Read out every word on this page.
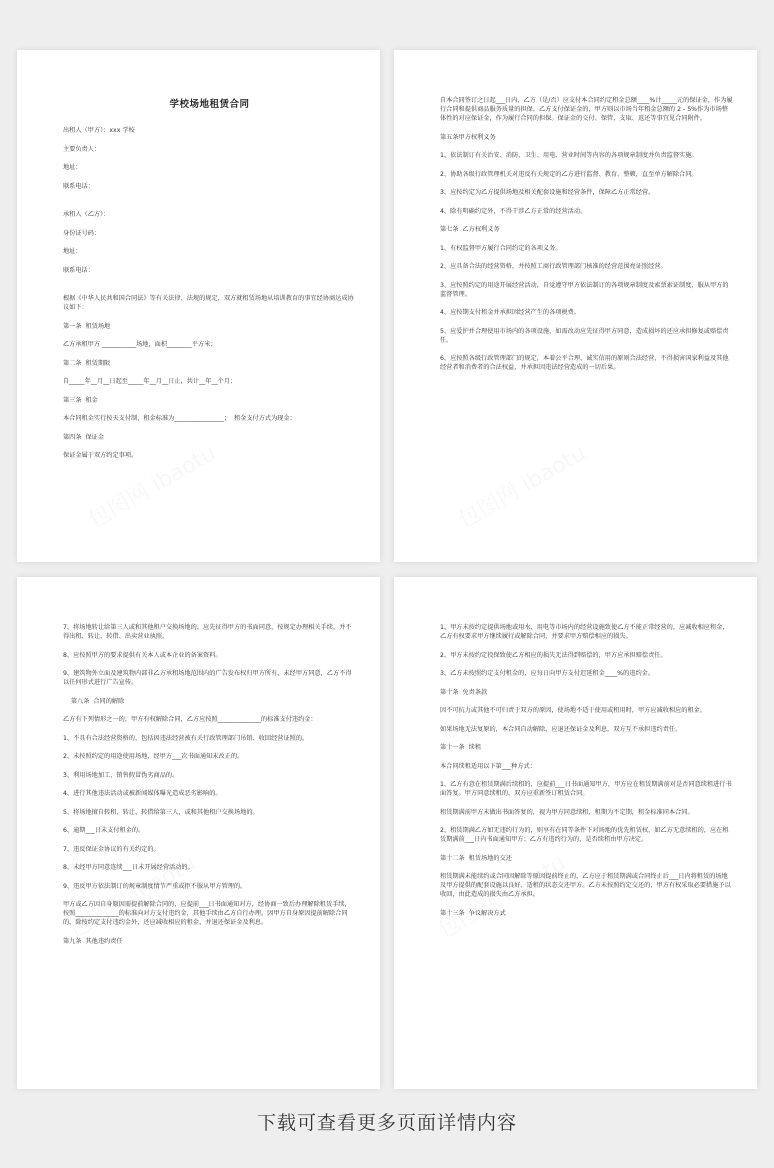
学校场地租赁合同
出租人（甲方）：xxx 学校
主要负责人：
地址：
联系电话：
承租人（乙方）：
身份证号码：
地址：
联系电话：
根据《中华人民共和国合同法》等有关法律、法规的规定，双方就租赁场地从培训教育的事宜经协商达成协议如下：
第一条  租赁场地
乙方承租甲方 ___________场地，面积________平方米；
第二条  租赁期限
自_____年__月__日起至_____年__月__日止，共计__年__个月；
第三条  租金
本合同租金实行按天支付制，租金标准为________________；  租金支付方式为现金；
第四条  保证金
保证金属于双方约定事项。
自本合同签订之日起___日内，乙方（是/否）应支付本合同约定租金总额____%计_____元的保证金，作为履行合同和提供商品服务质量的担保。乙方支付保证金的，甲方则以市场当年租金总额的 2 - 5%作为市场整体性的对应保证金，作为履行合同的担保。保证金的交付、保管、支取、返还等事宜见合同附件。
第五条甲方权利义务
1、依法制订有关治安、消防、卫生、用电、营业时间等内容的各项规章制度并负责监督实施。
2、协助各级行政管理机关对违反有关规定的乙方进行监督、教育、整顿，直至单方解除合同。
3、应按约定为乙方提供场地及相关配套设施和经营条件，保障乙方正常经营。
4、除有明确约定外，不得干涉乙方正常的经营活动。
第七条  乙方权利义务
1、有权监督甲方履行合同约定的各项义务。
2、应具备合法的经营资格，并按照工商行政管理部门核准的经营范围亮证照经营。
3、应按照约定的用途开展经营活动，自觉遵守甲方依法制订的各项规章制度及索票索证制度，服从甲方的监督管理。
4、应按期支付租金并承担因经营产生的各项税费。
5、应爱护并合理使用市场内的各项设施，如需改动应先征得甲方同意，造成损坏的还应承担修复或赔偿责任。
6、应按照各级行政管理部门的规定，本着公平合理、诚实信用的原则合法经营，不得损害国家利益及其他经营者和消费者的合法权益，并承担因违法经营造成的一切后果。
7、将场地转让给第三人或和其他租户交换场地的，应先征得甲方的书面同意，按规定办理相关手续，并不得出租、转让、转借、出卖营业执照。
8、应按照甲方的要求提供有关本人或本企业的备案资料。
9、建筑物外立面及建筑物内部非乙方承租场地范围内的广告发布权归甲方所有，未经甲方同意，乙方不得以任何形式进行广告宣传。
第八条  合同的解除
乙方有下列情形之一的，甲方有权解除合同，乙方应按照______________的标准支付违约金：
1、不具有合法经营资格的，包括因违法经营被有关行政管理部门吊销、收回经营证照的。
2、未按照约定的用途使用场地，经甲方___次书面通知未改正的。
3、利用场地加工、销售假冒伪劣商品的。
4、进行其他违法活动或被新闻媒体曝光造成恶劣影响的。
5、将场地擅自转租、转让、转借给第三人，或和其他租户交换场地的。
6、逾期___日未支付租金的。
7、违反保证金协议的有关约定的。
8、未经甲方同意连续___日未开展经营活动的。
9、违反甲方依法制订的规章制度情节严重或拒不服从甲方管理的。
甲方或乙方因自身原因需提前解除合同的，应提前___日书面通知对方，经协商一致后办理解除租赁手续，按照______________的标准向对方支付违约金，其他手续由乙方自行办理。因甲方自身原因提前解除合同的，除按约定支付违约金外，还应减收相应的租金，并退还保证金及利息。
第九条  其他违约责任
1、甲方未按约定提供场地或用水、用电等市场内的经营设施致使乙方不能正常经营的，应减收相应租金，乙方有权要求甲方继续履行或解除合同，并要求甲方赔偿相应的损失。
2、甲方未按约定投保致使乙方相应的损失无法得到赔偿的，甲方应承担赔偿责任。
3、乙方未按照约定支付租金的，应每日向甲方支付迟延租金____%的违约金。
第十条  免责条款
因不可抗力或其他不可归责于双方的原因，使场地不适于使用或租用时，甲方应减收相应的租金。
如果场地无法复原的，本合同自动解除，应退还保证金及利息，双方互不承担违约责任。
第十一条  续租
本合同续租适用以下第___种方式：
1、乙方有意在租赁期满后续租的，应提前___日书面通知甲方，甲方应在租赁期满前对是否同意续租进行书面答复。甲方同意续租的，双方应重新签订租赁合同。
租赁期满前甲方未做出书面答复的，视为甲方同意续租，租期为不定期，租金标准同本合同。
2、租赁期满乙方如无违约行为的，则享有在同等条件下对场地的优先租赁权，如乙方无意续租的，应在租赁期满前___日内书面通知甲方；乙方有违约行为的，是否续租由甲方决定。
第十二条  租赁场地的交还
租赁期满未能续约或合同因解除等原因提前终止的，乙方应于租赁期满或合同终止后___日内将租赁的场地及甲方提供的配套设施以良好、适租的状态交还甲方。乙方未按照约定交还的，甲方有权采取必要措施予以收回，由此造成的损失由乙方承担。
第十三条  争议解决方式
下载可查看更多页面详情内容
